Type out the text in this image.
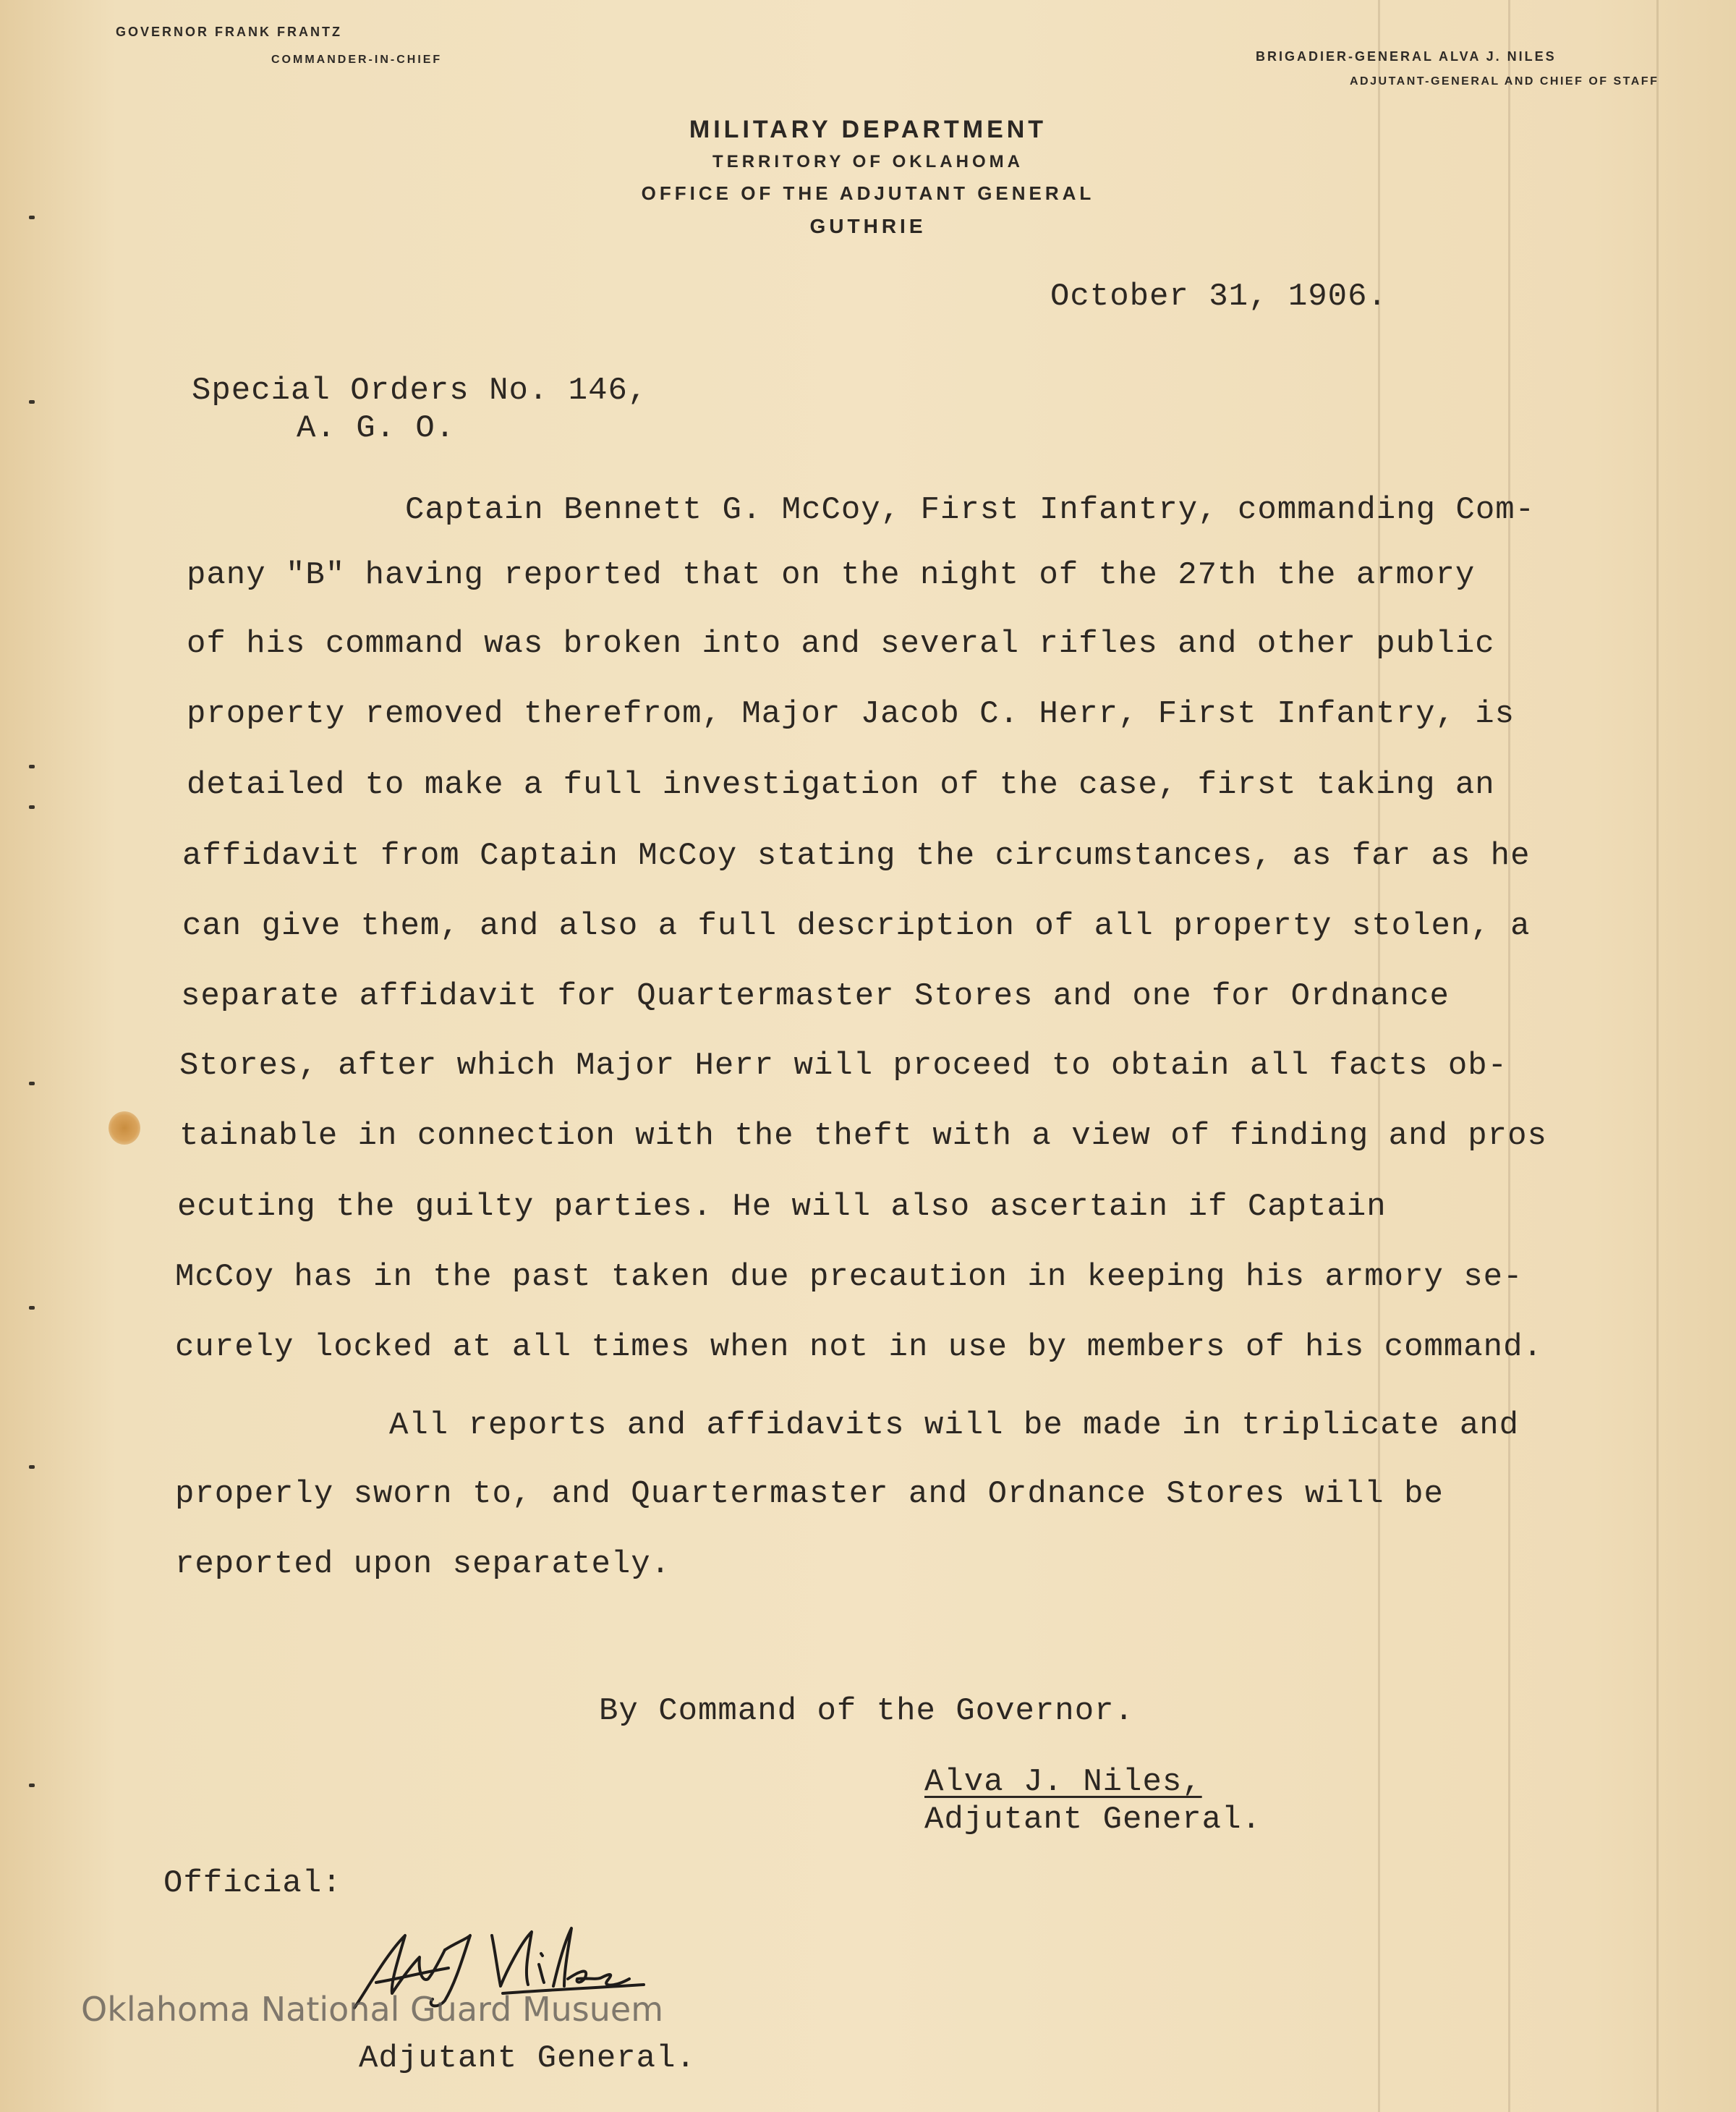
GOVERNOR FRANK FRANTZ
COMMANDER-IN-CHIEF	BRIGADIER-GENERAL ALVA J. NILES
ADJUTANT-GENERAL AND CHIEF OF STAFF
MILITARY DEPARTMENT
TERRITORY OF OKLAHOMA
OFFICE OF THE ADJUTANT GENERAL
GUTHRIE
October 31, 1906.
Special Orders No. 146,
A. G. O.
Captain Bennett G. McCoy, First Infantry, commanding Com-
pany "B" having reported that on the night of the 27th the armory
of his command was broken into and several rifles and other public
property removed therefrom, Major Jacob C. Herr, First Infantry, is
detailed to make a full investigation of the case, first taking an
affidavit from Captain McCoy stating the circumstances, as far as he
can give them, and also a full description of all property stolen, a
separate affidavit for Quartermaster Stores and one for Ordnance
Stores, after which Major Herr will proceed to obtain all facts ob-
tainable in connection with the theft with a view of finding and pros
ecuting the guilty parties. He will also ascertain if Captain
McCoy has in the past taken due precaution in keeping his armory se-
curely locked at all times when not in use by members of his command.
All reports and affidavits will be made in triplicate and
properly sworn to, and Quartermaster and Ordnance Stores will be
reported upon separately.
By Command of the Governor.
Alva J. Niles,
Adjutant General.
Official:
Oklahoma National Guard Musuem
Adjutant General.
